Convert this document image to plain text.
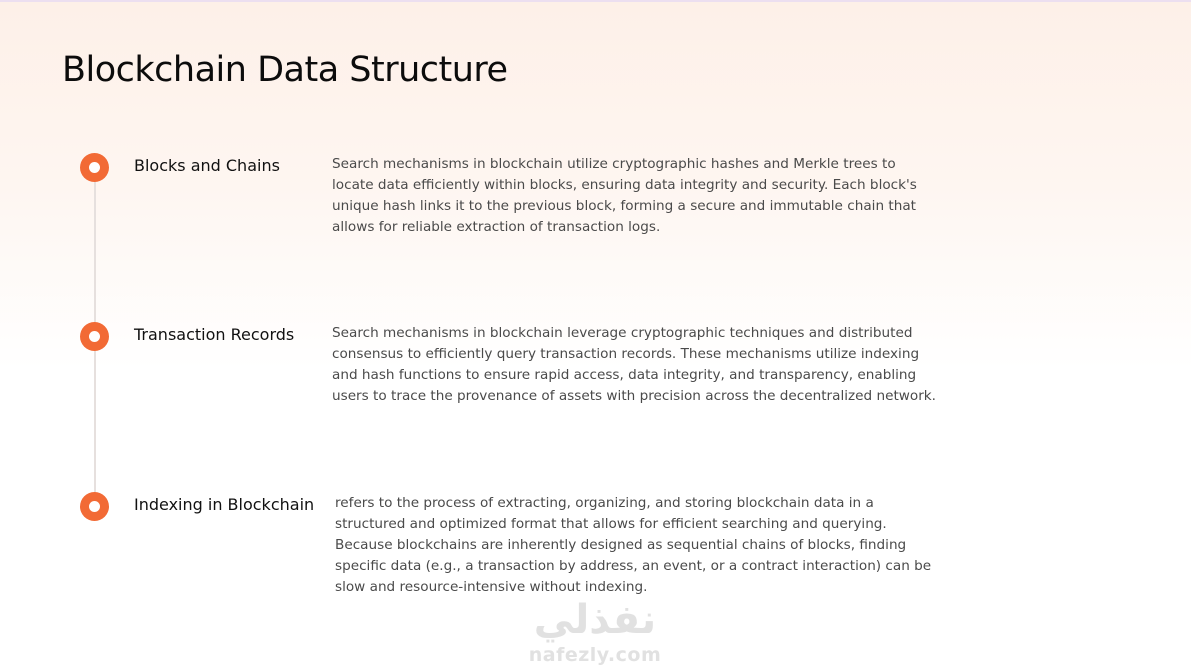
Blockchain Data Structure
Blocks and Chains	Search mechanisms in blockchain utilize cryptographic hashes and Merkle trees to locate data efficiently within blocks, ensuring data integrity and security. Each block's unique hash links it to the previous block, forming a secure and immutable chain that allows for reliable extraction of transaction logs.

Transaction Records	Search mechanisms in blockchain leverage cryptographic techniques and distributed consensus to efficiently query transaction records. These mechanisms utilize indexing and hash functions to ensure rapid access, data integrity, and transparency, enabling users to trace the provenance of assets with precision across the decentralized network.

Indexing in Blockchain refers to the process of extracting, organizing, and storing blockchain data in a structured and optimized format that allows for efficient searching and querying. Because blockchains are inherently designed as sequential chains of blocks, finding specific data (e.g., a transaction by address, an event, or a contract interaction) can be slow and resource-intensive without indexing.

نفذلي
nafezly.com
